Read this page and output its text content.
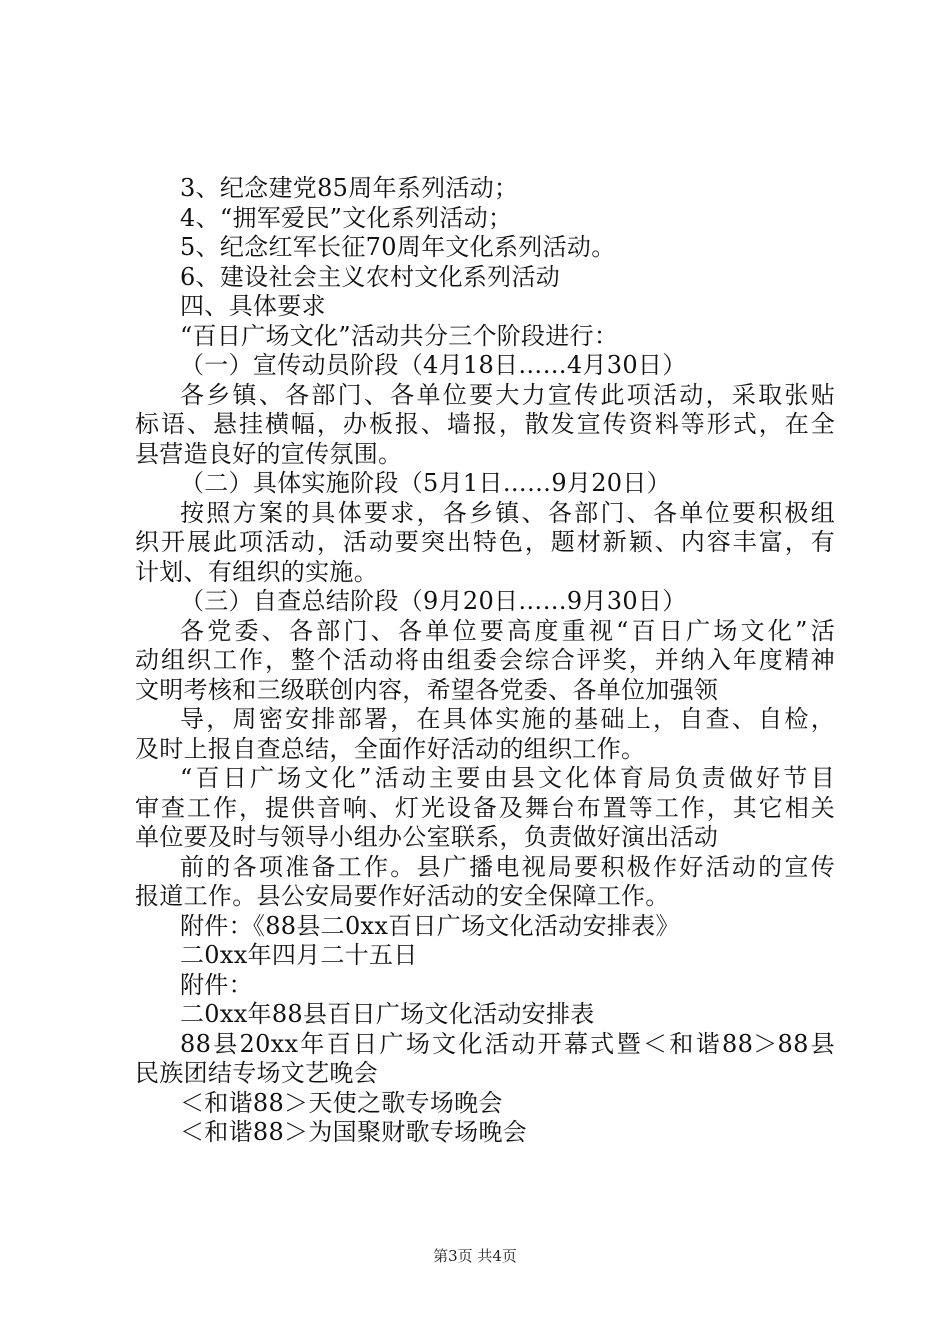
3、纪念建党85周年系列活动；
4、“拥军爱民”文化系列活动；
5、纪念红军长征70周年文化系列活动。
6、建设社会主义农村文化系列活动
四、具体要求
“百日广场文化”活动共分三个阶段进行：
（一）宣传动员阶段（4月18日……4月30日）
各乡镇、各部门、各单位要大力宣传此项活动，采取张贴
标语、悬挂横幅，办板报、墙报，散发宣传资料等形式，在全
县营造良好的宣传氛围。
（二）具体实施阶段（5月1日……9月20日）
按照方案的具体要求，各乡镇、各部门、各单位要积极组
织开展此项活动，活动要突出特色，题材新颖、内容丰富，有
计划、有组织的实施。
（三）自查总结阶段（9月20日……9月30日）
各党委、各部门、各单位要高度重视“百日广场文化”活
动组织工作，整个活动将由组委会综合评奖，并纳入年度精神
文明考核和三级联创内容，希望各党委、各单位加强领
导，周密安排部署，在具体实施的基础上，自查、自检，
及时上报自查总结，全面作好活动的组织工作。
“百日广场文化”活动主要由县文化体育局负责做好节目
审查工作，提供音响、灯光设备及舞台布置等工作，其它相关
单位要及时与领导小组办公室联系，负责做好演出活动
前的各项准备工作。县广播电视局要积极作好活动的宣传
报道工作。县公安局要作好活动的安全保障工作。
附件：《88县二0xx百日广场文化活动安排表》
二0xx年四月二十五日
附件：
二0xx年88县百日广场文化活动安排表
88县20xx年百日广场文化活动开幕式暨＜和谐88＞88县
民族团结专场文艺晚会
＜和谐88＞天使之歌专场晚会
＜和谐88＞为国聚财歌专场晚会
第3页 共4页
